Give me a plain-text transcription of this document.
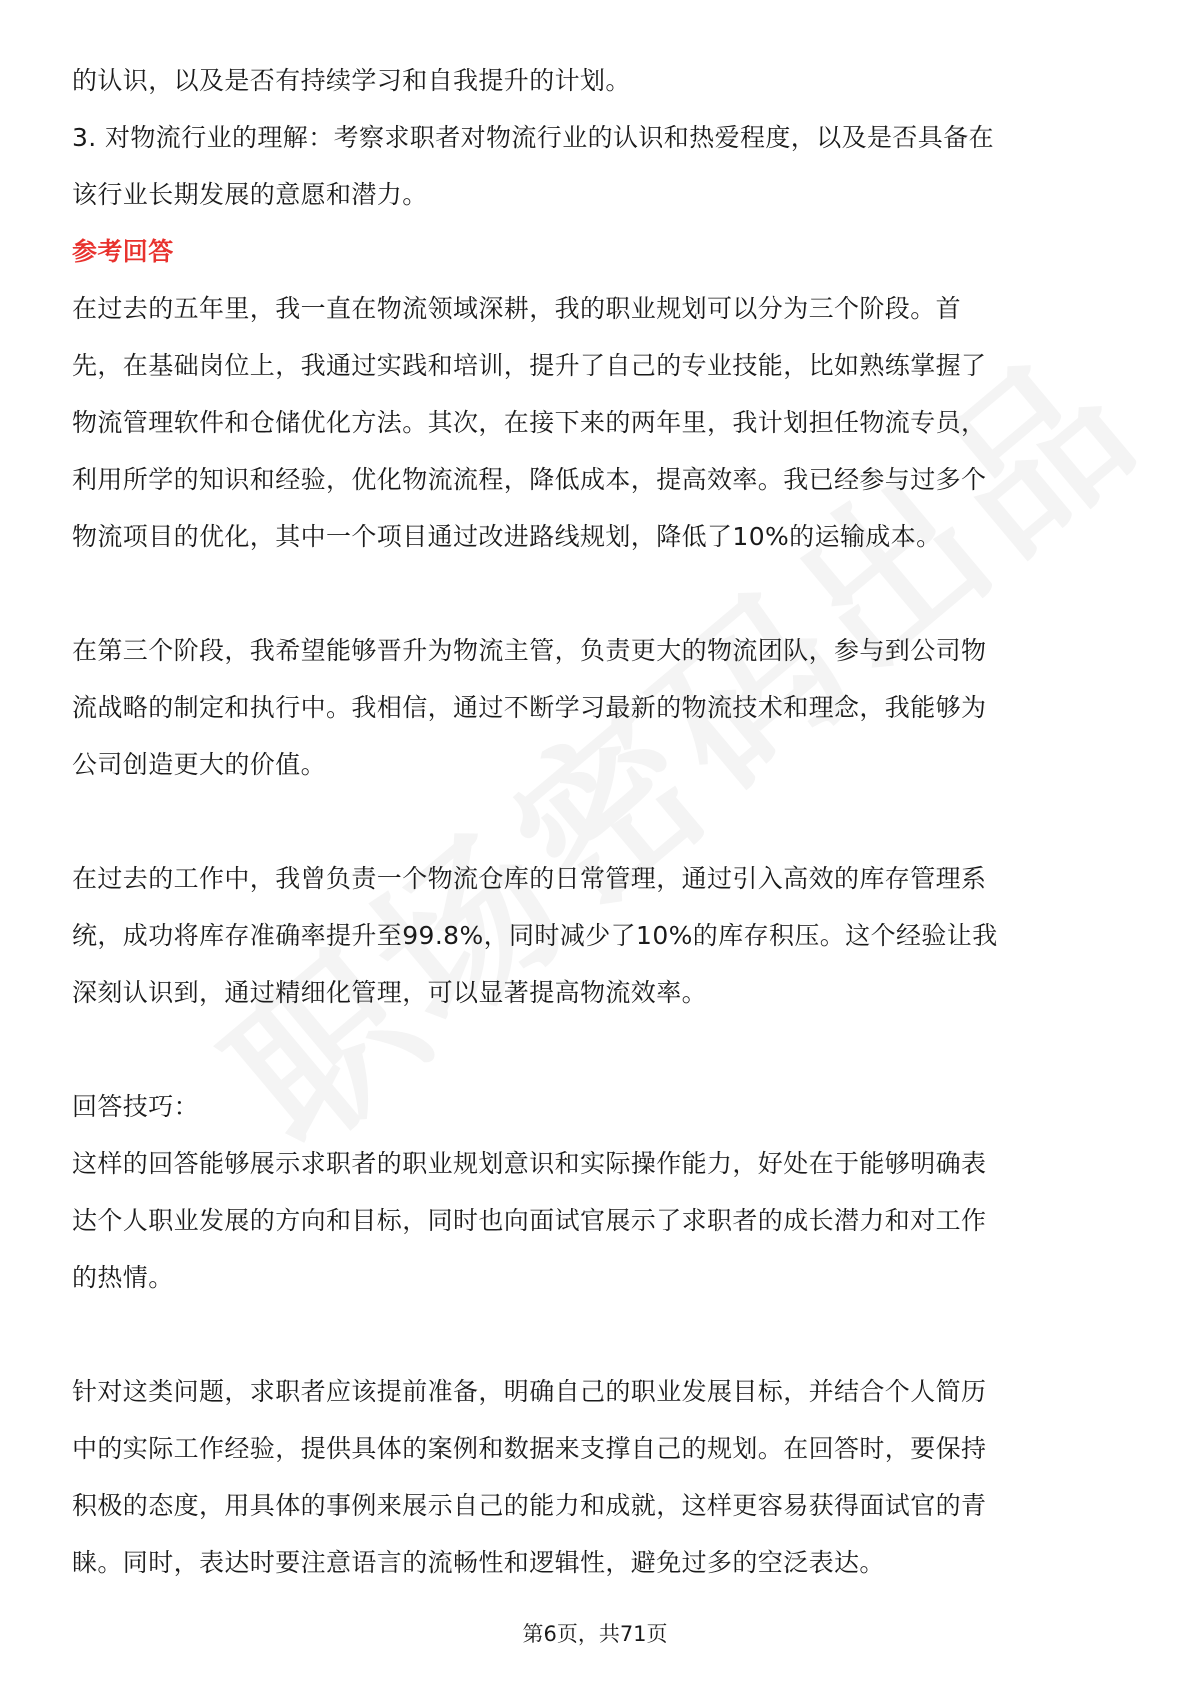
的认识，以及是否有持续学习和自我提升的计划。

3. 对物流行业的理解：考察求职者对物流行业的认识和热爱程度，以及是否具备在

该行业长期发展的意愿和潜力。

参考回答

在过去的五年里，我一直在物流领域深耕，我的职业规划可以分为三个阶段。首

先，在基础岗位上，我通过实践和培训，提升了自己的专业技能，比如熟练掌握了

物流管理软件和仓储优化方法。其次，在接下来的两年里，我计划担任物流专员，

利用所学的知识和经验，优化物流流程，降低成本，提高效率。我已经参与过多个

物流项目的优化，其中一个项目通过改进路线规划，降低了10%的运输成本。

在第三个阶段，我希望能够晋升为物流主管，负责更大的物流团队，参与到公司物

流战略的制定和执行中。我相信，通过不断学习最新的物流技术和理念，我能够为

公司创造更大的价值。

在过去的工作中，我曾负责一个物流仓库的日常管理，通过引入高效的库存管理系

统，成功将库存准确率提升至99.8%，同时减少了10%的库存积压。这个经验让我

深刻认识到，通过精细化管理，可以显著提高物流效率。

回答技巧：

这样的回答能够展示求职者的职业规划意识和实际操作能力，好处在于能够明确表

达个人职业发展的方向和目标，同时也向面试官展示了求职者的成长潜力和对工作

的热情。

针对这类问题，求职者应该提前准备，明确自己的职业发展目标，并结合个人简历

中的实际工作经验，提供具体的案例和数据来支撑自己的规划。在回答时，要保持

积极的态度，用具体的事例来展示自己的能力和成就，这样更容易获得面试官的青

睐。同时，表达时要注意语言的流畅性和逻辑性，避免过多的空泛表达。

第6页，共71页
